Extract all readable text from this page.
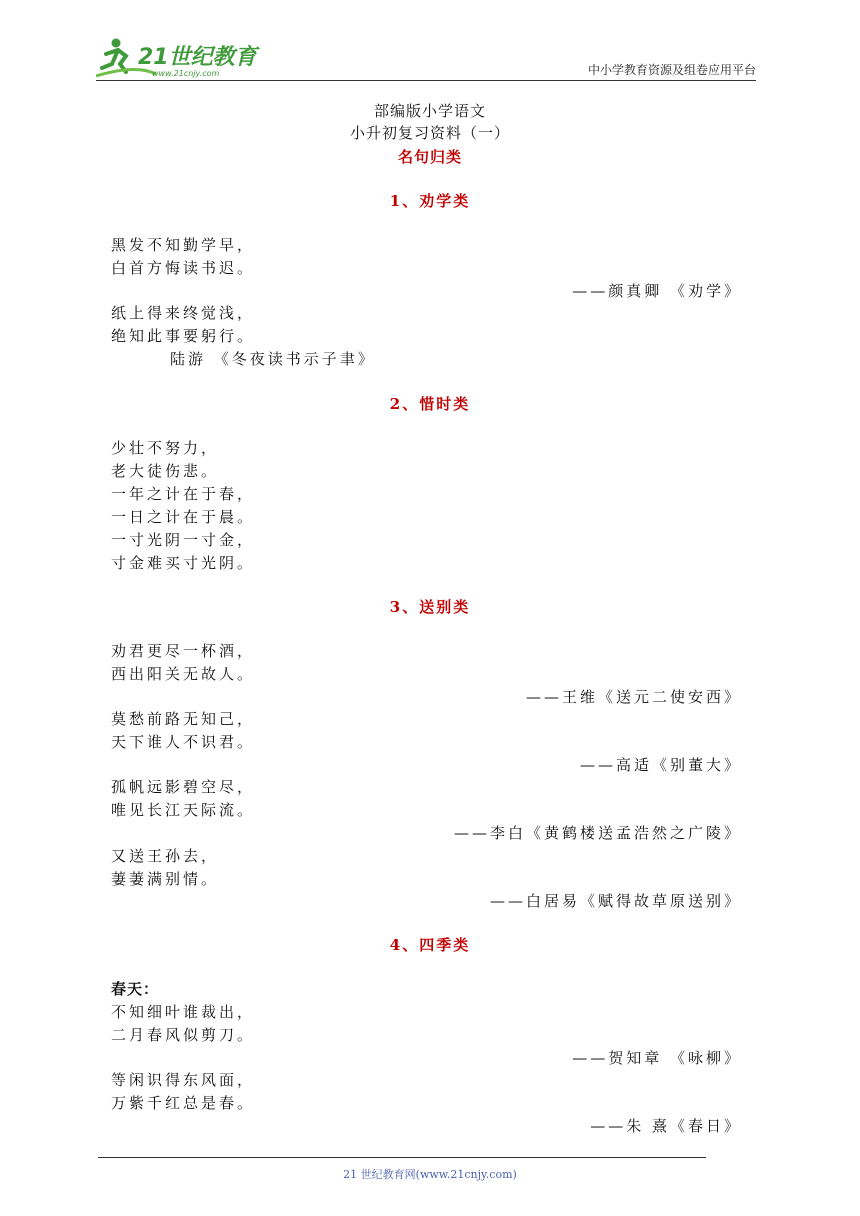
21世纪教育
www.21cnjy.com	中小学教育资源及组卷应用平台
部编版小学语文
小升初复习资料（一）
名句归类
1、劝学类
黑发不知勤学早，
白首方悔读书迟。
——颜真卿 《劝学》
纸上得来终觉浅，
绝知此事要躬行。
陆游 《冬夜读书示子聿》
2、惜时类
少壮不努力，
老大徒伤悲。
一年之计在于春，
一日之计在于晨。
一寸光阴一寸金，
寸金难买寸光阴。
3、送别类
劝君更尽一杯酒，
西出阳关无故人。
——王维《送元二使安西》
莫愁前路无知己，
天下谁人不识君。
——高适《别董大》
孤帆远影碧空尽，
唯见长江天际流。
——李白《黄鹤楼送孟浩然之广陵》
又送王孙去，
萋萋满别情。
——白居易《赋得故草原送别》
4、四季类
春天：
不知细叶谁裁出，
二月春风似剪刀。
——贺知章 《咏柳》
等闲识得东风面，
万紫千红总是春。
——朱 熹《春日》
21 世纪教育网(www.21cnjy.com)
